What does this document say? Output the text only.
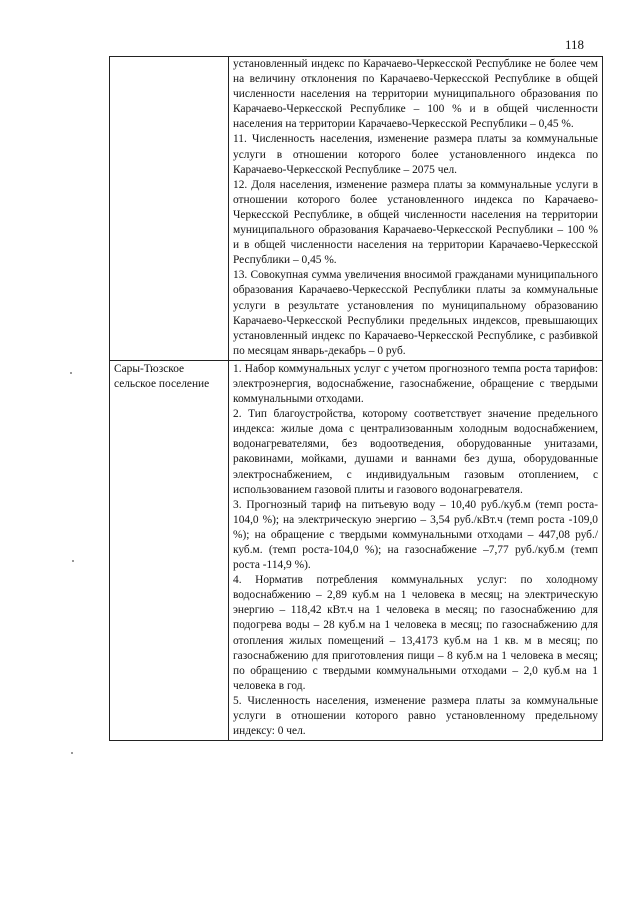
118

	установленный индекс по Карачаево-Черкесской Республике не более чем на величину отклонения по Карачаево-Черкесской Республике в общей численности населения на территории муниципального образования по Карачаево-Черкесской Республике – 100 % и в общей численности населения на территории Карачаево-Черкесской Республики – 0,45 %.
11. Численность населения, изменение размера платы за коммунальные услуги в отношении которого более установленного индекса по Карачаево-Черкесской Республике – 2075 чел.
12. Доля населения, изменение размера платы за коммунальные услуги в отношении которого более установленного индекса по Карачаево-Черкесской Республике, в общей численности населения на территории муниципального образования Карачаево-Черкесской Республики – 100 % и в общей численности населения на территории Карачаево-Черкесской Республики – 0,45 %.
13. Совокупная сумма увеличения вносимой гражданами муниципального образования Карачаево-Черкесской Республики платы за коммунальные услуги в результате установления по муниципальному образованию Карачаево-Черкесской Республики предельных индексов, превышающих установленный индекс по Карачаево-Черкесской Республике, с разбивкой по месяцам январь-декабрь – 0 руб.

Сары-Тюзское сельское поселение	1. Набор коммунальных услуг с учетом прогнозного темпа роста тарифов: электроэнергия, водоснабжение, газоснабжение, обращение с твердыми коммунальными отходами.
2. Тип благоустройства, которому соответствует значение предельного индекса: жилые дома с централизованным холодным водоснабжением, водонагревателями, без водоотведения, оборудованные унитазами, раковинами, мойками, душами и ваннами без душа, оборудованные электроснабжением, с индивидуальным газовым отоплением, с использованием газовой плиты и газового водонагревателя.
3. Прогнозный тариф на питьевую воду – 10,40 руб./куб.м (темп роста- 104,0 %); на электрическую энергию – 3,54 руб./кВт.ч (темп роста -109,0 %); на обращение с твердыми коммунальными отходами – 447,08 руб./куб.м. (темп роста-104,0 %); на газоснабжение –7,77 руб./куб.м (темп роста -114,9 %).
4. Норматив потребления коммунальных услуг: по холодному водоснабжению – 2,89 куб.м на 1 человека в месяц; на электрическую энергию – 118,42 кВт.ч на 1 человека в месяц; по газоснабжению для подогрева воды – 28 куб.м на 1 человека в месяц; по газоснабжению для отопления жилых помещений – 13,4173 куб.м на 1 кв. м в месяц; по газоснабжению для приготовления пищи – 8 куб.м на 1 человека в месяц; по обращению с твердыми коммунальными отходами – 2,0 куб.м на 1 человека в год.
5. Численность населения, изменение размера платы за коммунальные услуги в отношении которого равно установленному предельному индексу: 0 чел.
